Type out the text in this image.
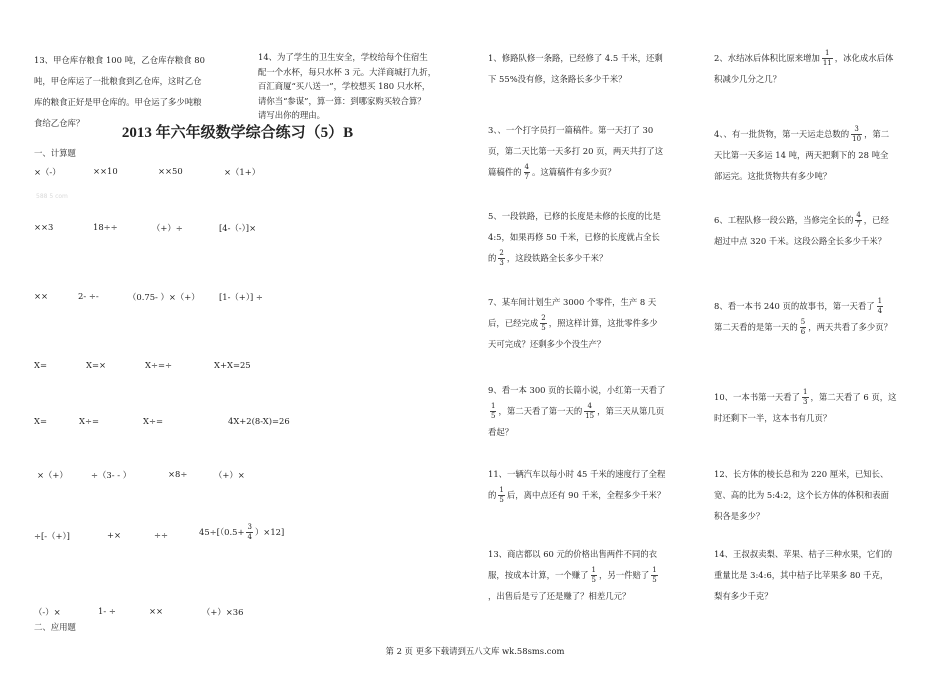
13、甲仓库存粮食 100 吨，乙仓库存粮食 80
吨，甲仓库运了一批粮食到乙仓库，这时乙仓
库的粮食正好是甲仓库的。甲仓运了多少吨粮
食给乙仓库？
14、为了学生的卫生安全，学校给每个住宿生
配一个水杯，每只水杯 3 元。大洋商城打九折，
百汇商厦“买八送一”，学校想买 180 只水杯，
请你当“参谋”，算一算：到哪家购买较合算？
请写出你的理由。
2013 年六年级数学综合练习（5）B
一、计算题
×（-）	××10	××50	×（1+）
588 5 com
××3	18÷÷	（+）÷	[4-（-）]×
××	2- ÷-	（0.75- ）×（+） [1-（+）] ÷
X=	X=×	X÷=÷	X+X=25
X=	X÷=	X÷=	4X+2(8-X)=26
×（+）	÷（3- - ）	×8÷	（+）×
÷[-（+）]	+×	÷÷	$45\div[(0.5+ \frac{3}{4} )\times 12]$
（-）×	1- ÷	××	（+）×36
二、应用题
1、修路队修一条路，已经修了 4.5 千米，还剩
下 55%没有修，这条路长多少千米？
2、水结冰后体积比原来增加 $\frac{1}{11}$ ，冰化成水后体
积减少几分之几？
3、、一个打字员打一篇稿件。第一天打了 30
页，第二天比第一天多打 20 页，两天共打了这
篇稿件的 $\frac{4}{7}$ 。这篇稿件有多少页？
4、、有一批货物，第一天运走总数的 $\frac{3}{10}$ ，第二
天比第一天多运 14 吨，两天把剩下的 28 吨全
部运完。这批货物共有多少吨？
5、一段铁路，已修的长度是未修的长度的比是
4:5，如果再修 50 千米，已修的长度就占全长
的 $\frac{2}{3}$ ，这段铁路全长多少千米？
6、工程队修一段公路，当修完全长的 $\frac{4}{7}$ ，已经
超过中点 320 千米。这段公路全长多少千米？
7、某车间计划生产 3000 个零件，生产 8 天
后，已经完成 $\frac{2}{5}$ ，照这样计算，这批零件多少
天可完成？还剩多少个没生产？
8、看一本书 240 页的故事书，第一天看了 $\frac{1}{4}$
第二天看的是第一天的 $\frac{5}{6}$ ，两天共看了多少页？
9、看一本 300 页的长篇小说，小红第一天看了
$\frac{1}{5}$ ，第二天看了第一天的 $\frac{4}{15}$ ，第三天从第几页
看起？
10、一本书第一天看了 $\frac{1}{3}$ ，第二天看了 6 页，这
时还剩下一半，这本书有几页？
11、一辆汽车以每小时 45 千米的速度行了全程
的 $\frac{1}{5}$ 后，离中点还有 90 千米，全程多少千米？
12、长方体的棱长总和为 220 厘米，已知长、
宽、高的比为 5:4:2，这个长方体的体积和表面
积各是多少？
13、商店都以 60 元的价格出售两件不同的衣
服，按成本计算，一个赚了 $\frac{1}{5}$ ，另一件赔了 $\frac{1}{5}$
，出售后是亏了还是赚了？相差几元？
14、王叔叔卖梨、苹果、桔子三种水果，它们的
重量比是 3:4:6，其中桔子比苹果多 80 千克，
梨有多少千克？
第 2 页 更多下载请到五八文库 wk.58sms.com
